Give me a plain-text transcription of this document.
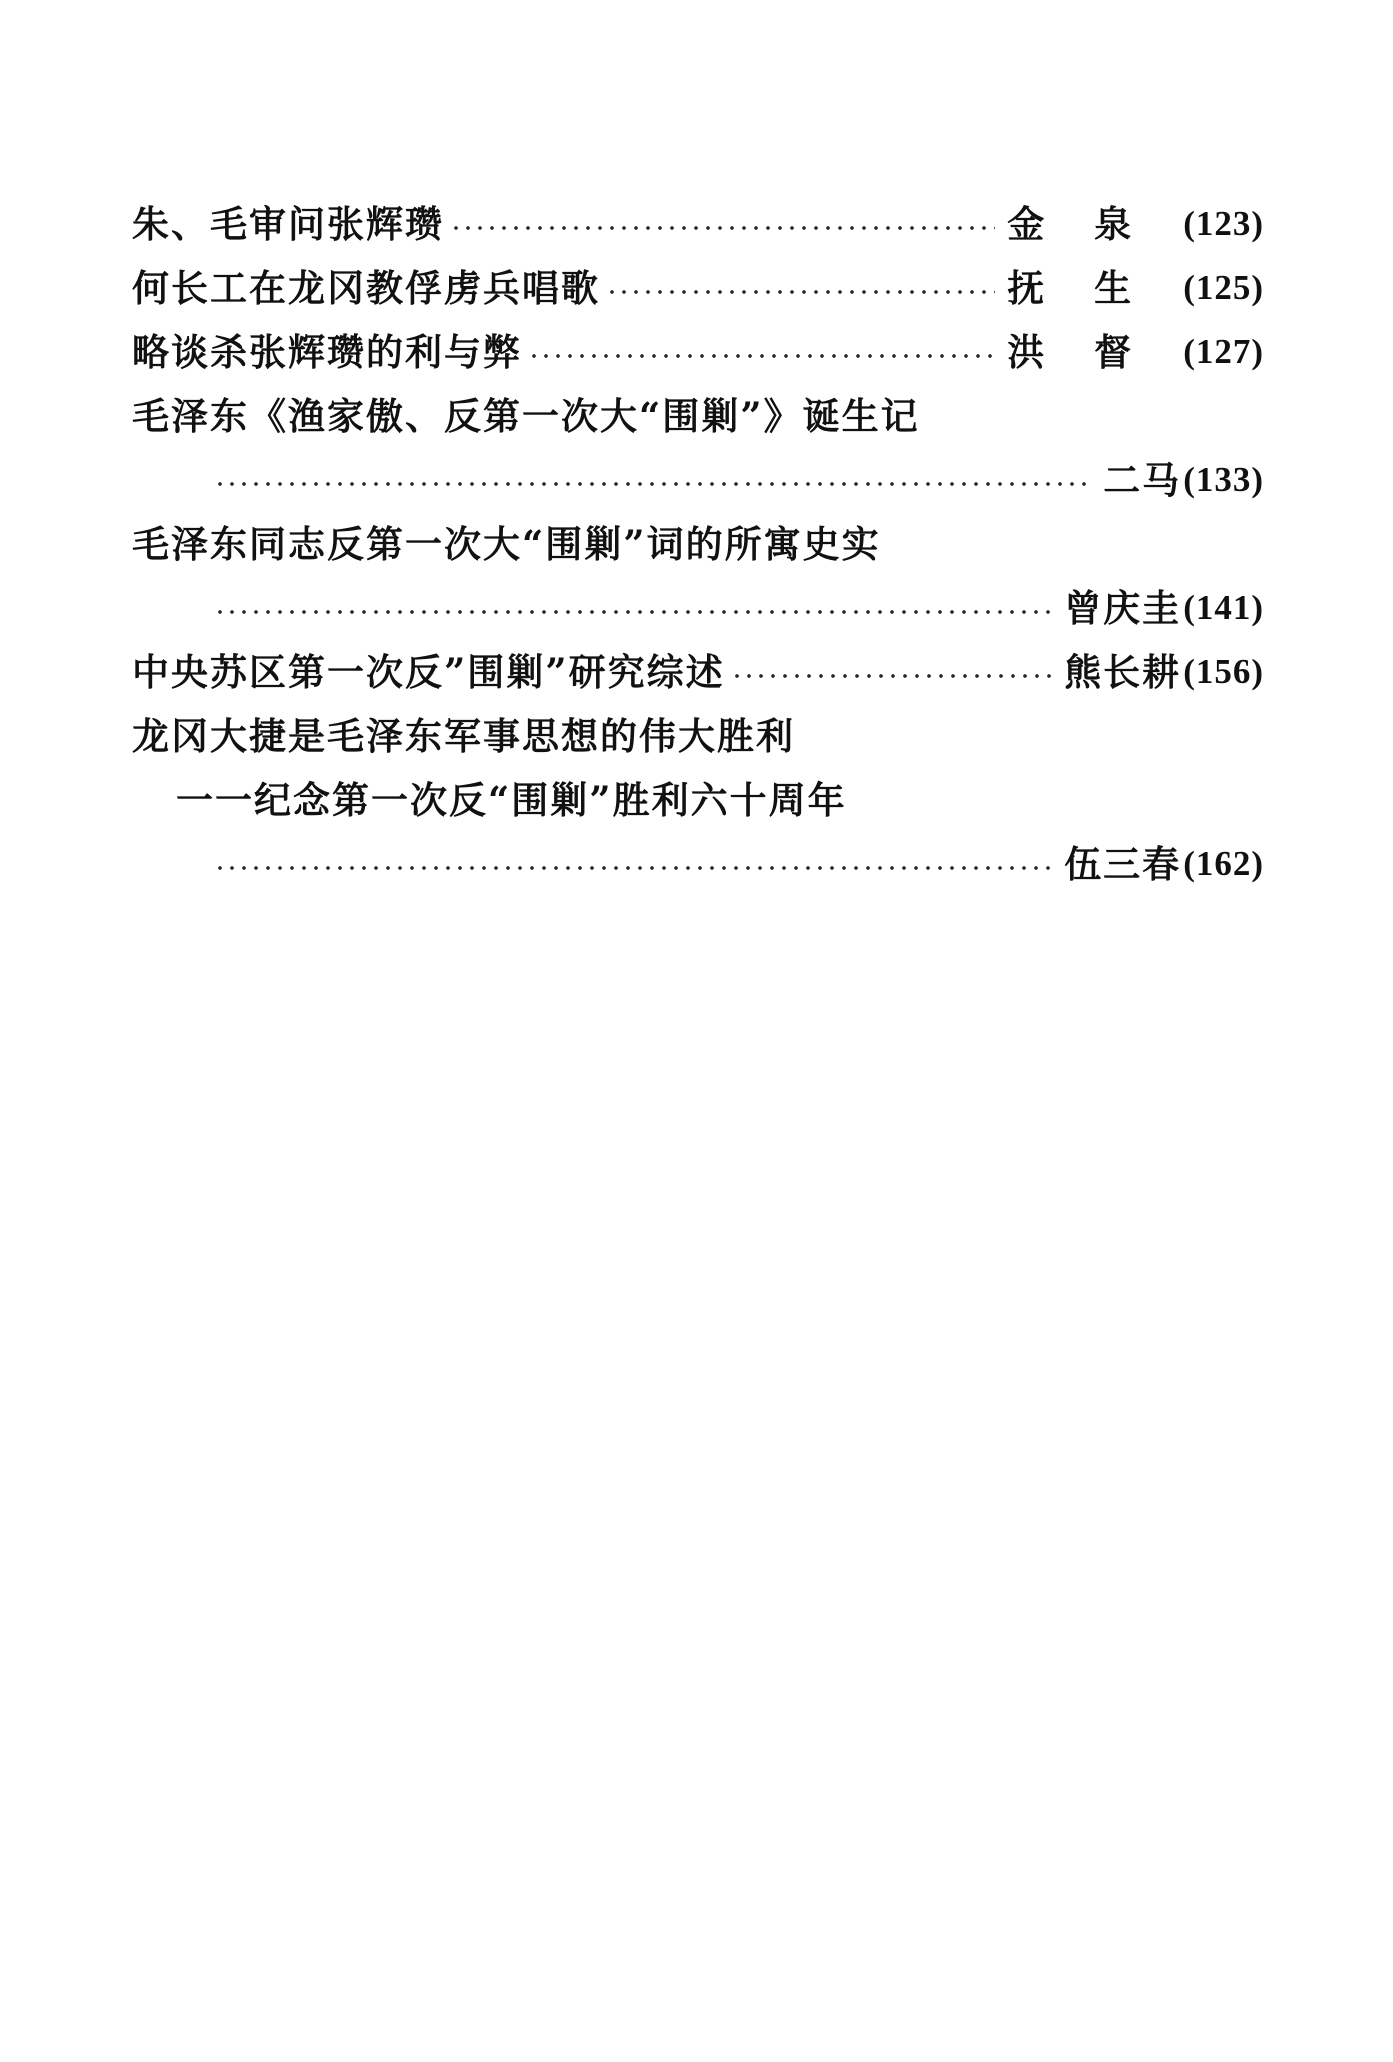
朱、毛审问张辉瓒	金泉 (123)
何长工在龙冈教俘虏兵唱歌	抚生 (125)
略谈杀张辉瓒的利与弊	洪督 (127)
毛泽东《渔家傲、反第一次大“围剿”》诞生记
二马 (133)
毛泽东同志反第一次大“围剿”词的所寓史实
曾庆圭 (141)
中央苏区第一次反”围剿”研究综述	熊长耕 (156)
龙冈大捷是毛泽东军事思想的伟大胜利
一一纪念第一次反“围剿”胜利六十周年
伍三春 (162)
